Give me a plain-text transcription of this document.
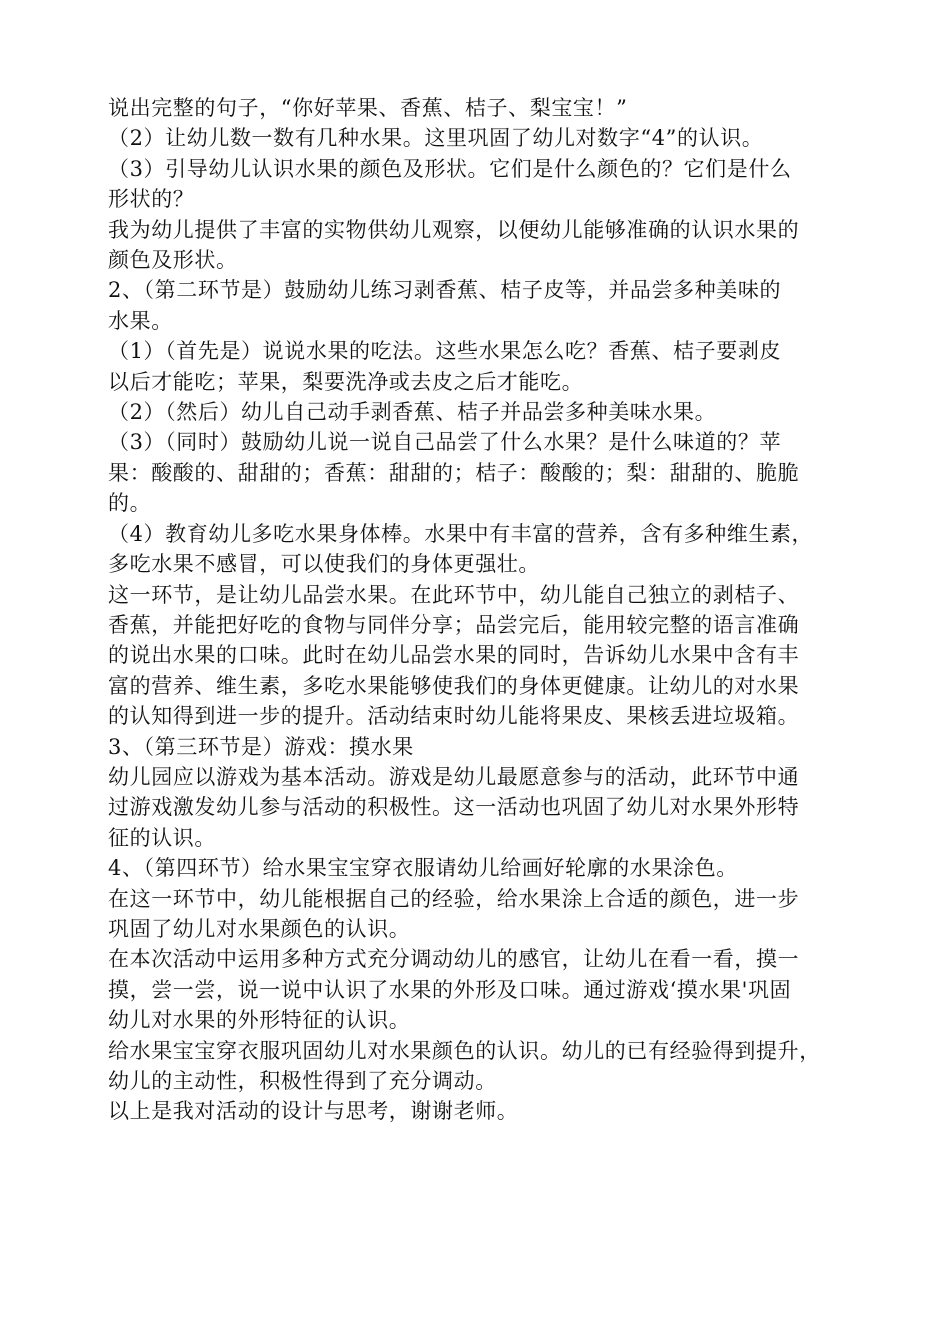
说出完整的句子，“你好苹果、香蕉、桔子、梨宝宝！”
（2）让幼儿数一数有几种水果。这里巩固了幼儿对数字“4”的认识。
（3）引导幼儿认识水果的颜色及形状。它们是什么颜色的？它们是什么
形状的？
我为幼儿提供了丰富的实物供幼儿观察，以便幼儿能够准确的认识水果的
颜色及形状。
2、（第二环节是）鼓励幼儿练习剥香蕉、桔子皮等，并品尝多种美味的
水果。
（1）（首先是）说说水果的吃法。这些水果怎么吃？香蕉、桔子要剥皮
以后才能吃；苹果，梨要洗净或去皮之后才能吃。
（2）（然后）幼儿自己动手剥香蕉、桔子并品尝多种美味水果。
（3）（同时）鼓励幼儿说一说自己品尝了什么水果？是什么味道的？苹
果：酸酸的、甜甜的；香蕉：甜甜的；桔子：酸酸的；梨：甜甜的、脆脆
的。
（4）教育幼儿多吃水果身体棒。水果中有丰富的营养，含有多种维生素，
多吃水果不感冒，可以使我们的身体更强壮。
这一环节，是让幼儿品尝水果。在此环节中，幼儿能自己独立的剥桔子、
香蕉，并能把好吃的食物与同伴分享；品尝完后，能用较完整的语言准确
的说出水果的口味。此时在幼儿品尝水果的同时，告诉幼儿水果中含有丰
富的营养、维生素，多吃水果能够使我们的身体更健康。让幼儿的对水果
的认知得到进一步的提升。活动结束时幼儿能将果皮、果核丢进垃圾箱。
3、（第三环节是）游戏：摸水果
幼儿园应以游戏为基本活动。游戏是幼儿最愿意参与的活动，此环节中通
过游戏激发幼儿参与活动的积极性。这一活动也巩固了幼儿对水果外形特
征的认识。
4、（第四环节）给水果宝宝穿衣服请幼儿给画好轮廓的水果涂色。
在这一环节中，幼儿能根据自己的经验，给水果涂上合适的颜色，进一步
巩固了幼儿对水果颜色的认识。
在本次活动中运用多种方式充分调动幼儿的感官，让幼儿在看一看，摸一
摸，尝一尝，说一说中认识了水果的外形及口味。通过游戏‘摸水果'巩固
幼儿对水果的外形特征的认识。
给水果宝宝穿衣服巩固幼儿对水果颜色的认识。幼儿的已有经验得到提升，
幼儿的主动性，积极性得到了充分调动。
以上是我对活动的设计与思考，谢谢老师。
